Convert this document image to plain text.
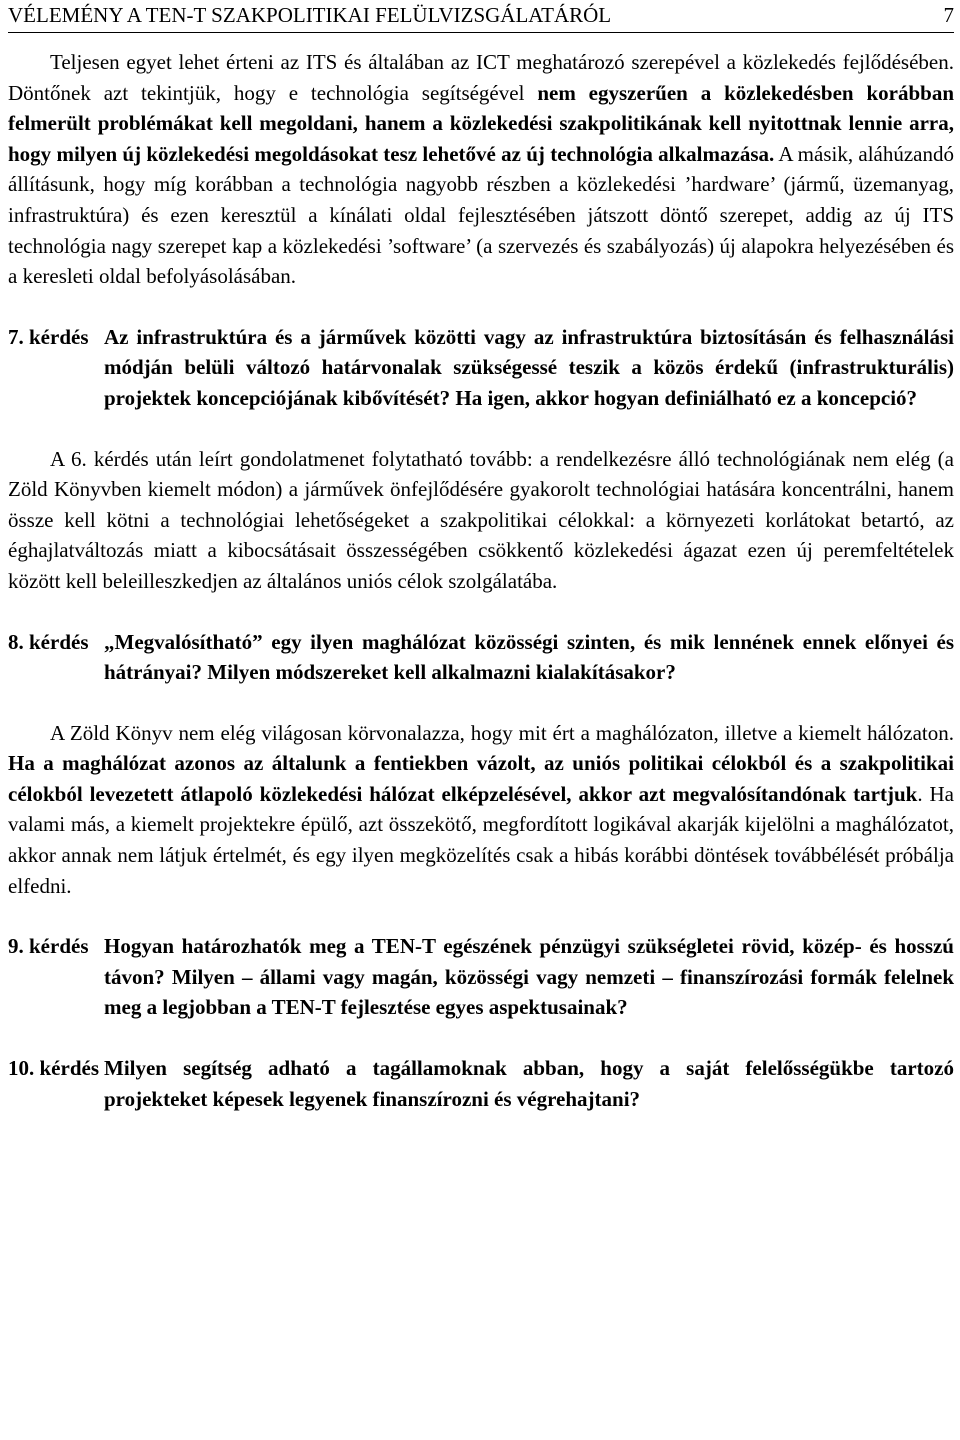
VÉLEMÉNY A TEN-T SZAKPOLITIKAI FELÜLVIZSGÁLATÁRÓL	7

Teljesen egyet lehet érteni az ITS és általában az ICT meghatározó szerepével a közlekedés fejlődésében. Döntőnek azt tekintjük, hogy e technológia segítségével nem egyszerűen a közlekedésben korábban felmerült problémákat kell megoldani, hanem a közlekedési szakpolitikának kell nyitottnak lennie arra, hogy milyen új közlekedési megoldásokat tesz lehetővé az új technológia alkalmazása. A másik, aláhúzandó állításunk, hogy míg korábban a technológia nagyobb részben a közlekedési ’hardware’ (jármű, üzemanyag, infrastruktúra) és ezen keresztül a kínálati oldal fejlesztésében játszott döntő szerepet, addig az új ITS technológia nagy szerepet kap a közlekedési ’software’ (a szervezés és szabályozás) új alapokra helyezésében és a keresleti oldal befolyásolásában.

7. kérdés Az infrastruktúra és a járművek közötti vagy az infrastruktúra biztosításán és felhasználási módján belüli változó határvonalak szükségessé teszik a közös érdekű (infrastrukturális) projektek koncepciójának kibővítését? Ha igen, akkor hogyan definiálható ez a koncepció?

A 6. kérdés után leírt gondolatmenet folytatható tovább: a rendelkezésre álló technológiának nem elég (a Zöld Könyvben kiemelt módon) a járművek önfejlődésére gyakorolt technológiai hatására koncentrálni, hanem össze kell kötni a technológiai lehetőségeket a szakpolitikai célokkal: a környezeti korlátokat betartó, az éghajlatváltozás miatt a kibocsátásait összességében csökkentő közlekedési ágazat ezen új peremfeltételek között kell beleilleszkedjen az általános uniós célok szolgálatába.

8. kérdés „Megvalósítható” egy ilyen maghálózat közösségi szinten, és mik lennének ennek előnyei és hátrányai? Milyen módszereket kell alkalmazni kialakításakor?

A Zöld Könyv nem elég világosan körvonalazza, hogy mit ért a maghálózaton, illetve a kiemelt hálózaton. Ha a maghálózat azonos az általunk a fentiekben vázolt, az uniós politikai célokból és a szakpolitikai célokból levezetett átlapoló közlekedési hálózat elképzelésével, akkor azt megvalósítandónak tartjuk. Ha valami más, a kiemelt projektekre épülő, azt összekötő, megfordított logikával akarják kijelölni a maghálózatot, akkor annak nem látjuk értelmét, és egy ilyen megközelítés csak a hibás korábbi döntések továbbélését próbálja elfedni.

9. kérdés Hogyan határozhatók meg a TEN-T egészének pénzügyi szükségletei rövid, közép- és hosszú távon? Milyen – állami vagy magán, közösségi vagy nemzeti – finanszírozási formák felelnek meg a legjobban a TEN-T fejlesztése egyes aspektusainak?
10. kérdés Milyen segítség adható a tagállamoknak abban, hogy a saját felelősségükbe tartozó projekteket képesek legyenek finanszírozni és végrehajtani?
